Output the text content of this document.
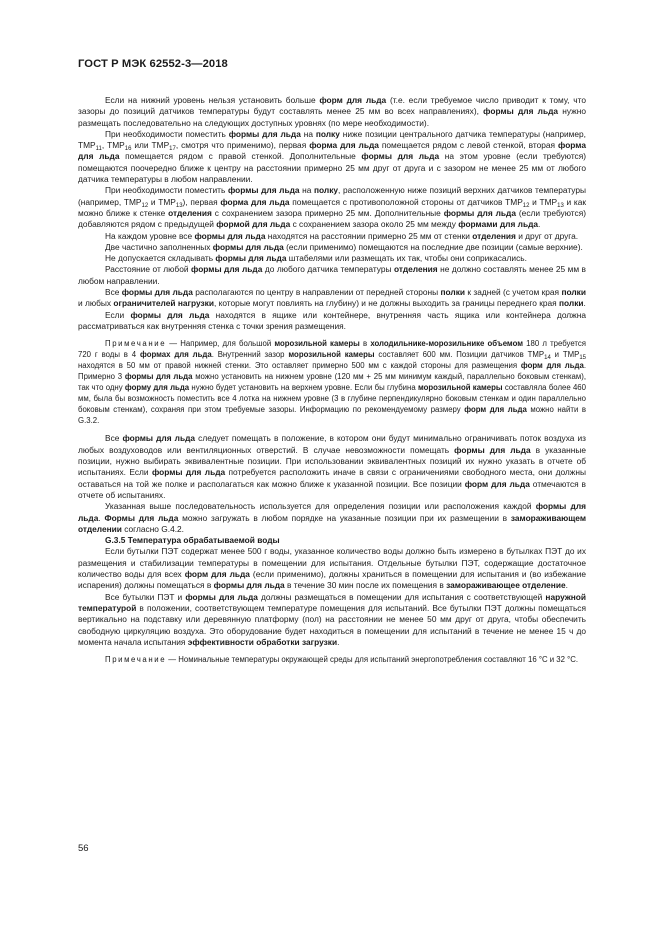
ГОСТ Р МЭК 62552-3—2018

Если на нижний уровень нельзя установить больше форм для льда (т.е. если требуемое число приводит к тому, что зазоры до позиций датчиков температуры будут составлять менее 25 мм во всех направлениях), формы для льда нужно размещать последовательно на следующих доступных уровнях (по мере необходимости).

При необходимости поместить формы для льда на полку ниже позиции центрального датчика температуры (например, $ТМР_{11}$, $ТМР_{16}$ или $ТМР_{17}$, смотря что применимо), первая форма для льда помещается рядом с левой стенкой, вторая форма для льда помещается рядом с правой стенкой. Дополнительные формы для льда на этом уровне (если требуются) помещаются поочередно ближе к центру на расстоянии примерно 25 мм друг от друга и с зазором не менее 25 мм от любого датчика температуры в любом направлении.

При необходимости поместить формы для льда на полку, расположенную ниже позиций верхних датчиков температуры (например, $ТМР_{12}$ и $ТМР_{13}$), первая форма для льда помещается с противоположной стороны от датчиков $ТМР_{12}$ и $ТМР_{13}$ и как можно ближе к стенке отделения с сохранением зазора примерно 25 мм. Дополнительные формы для льда (если требуются) добавляются рядом с предыдущей формой для льда с сохранением зазора около 25 мм между формами для льда.

На каждом уровне все формы для льда находятся на расстоянии примерно 25 мм от стенки отделения и друг от друга.

Две частично заполненных формы для льда (если применимо) помещаются на последние две позиции (самые верхние).

Не допускается складывать формы для льда штабелями или размещать их так, чтобы они соприкасались.

Расстояние от любой формы для льда до любого датчика температуры отделения не должно составлять менее 25 мм в любом направлении.

Все формы для льда располагаются по центру в направлении от передней стороны полки к задней (с учетом края полки и любых ограничителей нагрузки, которые могут повлиять на глубину) и не должны выходить за границы переднего края полки.

Если формы для льда находятся в ящике или контейнере, внутренняя часть ящика или контейнера должна рассматриваться как внутренняя стенка с точки зрения размещения.

Примечание — Например, для большой морозильной камеры в холодильнике-морозильнике объемом 180 л требуется 720 г воды в 4 формах для льда. Внутренний зазор морозильной камеры составляет 600 мм. Позиции датчиков $ТМР_{14}$ и $ТМР_{15}$ находятся в 50 мм от правой нижней стенки. Это оставляет примерно 500 мм с каждой стороны для размещения форм для льда. Примерно 3 формы для льда можно установить на нижнем уровне (120 мм + 25 мм минимум каждый, параллельно боковым стенкам), так что одну форму для льда нужно будет установить на верхнем уровне. Если бы глубина морозильной камеры составляла более 460 мм, была бы возможность поместить все 4 лотка на нижнем уровне (3 в глубине перпендикулярно боковым стенкам и один параллельно боковым стенкам), сохраняя при этом требуемые зазоры. Информацию по рекомендуемому размеру форм для льда можно найти в G.3.2.

Все формы для льда следует помещать в положение, в котором они будут минимально ограничивать поток воздуха из любых воздуховодов или вентиляционных отверстий. В случае невозможности помещать формы для льда в указанные позиции, нужно выбирать эквивалентные позиции. При использовании эквивалентных позиций их нужно указать в отчете об испытаниях. Если формы для льда потребуется расположить иначе в связи с ограничениями свободного места, они должны оставаться на той же полке и располагаться как можно ближе к указанной позиции. Все позиции форм для льда отмечаются в отчете об испытаниях.

Указанная выше последовательность используется для определения позиции или расположения каждой формы для льда. Формы для льда можно загружать в любом порядке на указанные позиции при их размещении в замораживающем отделении согласно G.4.2.

G.3.5 Температура обрабатываемой воды

Если бутылки ПЭТ содержат менее 500 г воды, указанное количество воды должно быть измерено в бутылках ПЭТ до их размещения и стабилизации температуры в помещении для испытания. Отдельные бутылки ПЭТ, содержащие достаточное количество воды для всех форм для льда (если применимо), должны храниться в помещении для испытания и (во избежание испарения) должны помещаться в формы для льда в течение 30 мин после их помещения в замораживающее отделение.

Все бутылки ПЭТ и формы для льда должны размещаться в помещении для испытания с соответствующей наружной температурой в положении, соответствующем температуре помещения для испытаний. Все бутылки ПЭТ должны помещаться вертикально на подставку или деревянную платформу (пол) на расстоянии не менее 50 мм друг от друга, чтобы обеспечить свободную циркуляцию воздуха. Это оборудование будет находиться в помещении для испытаний в течение не менее 15 ч до момента начала испытания эффективности обработки загрузки.

Примечание — Номинальные температуры окружающей среды для испытаний энергопотребления составляют 16 °С и 32 °С.

56
